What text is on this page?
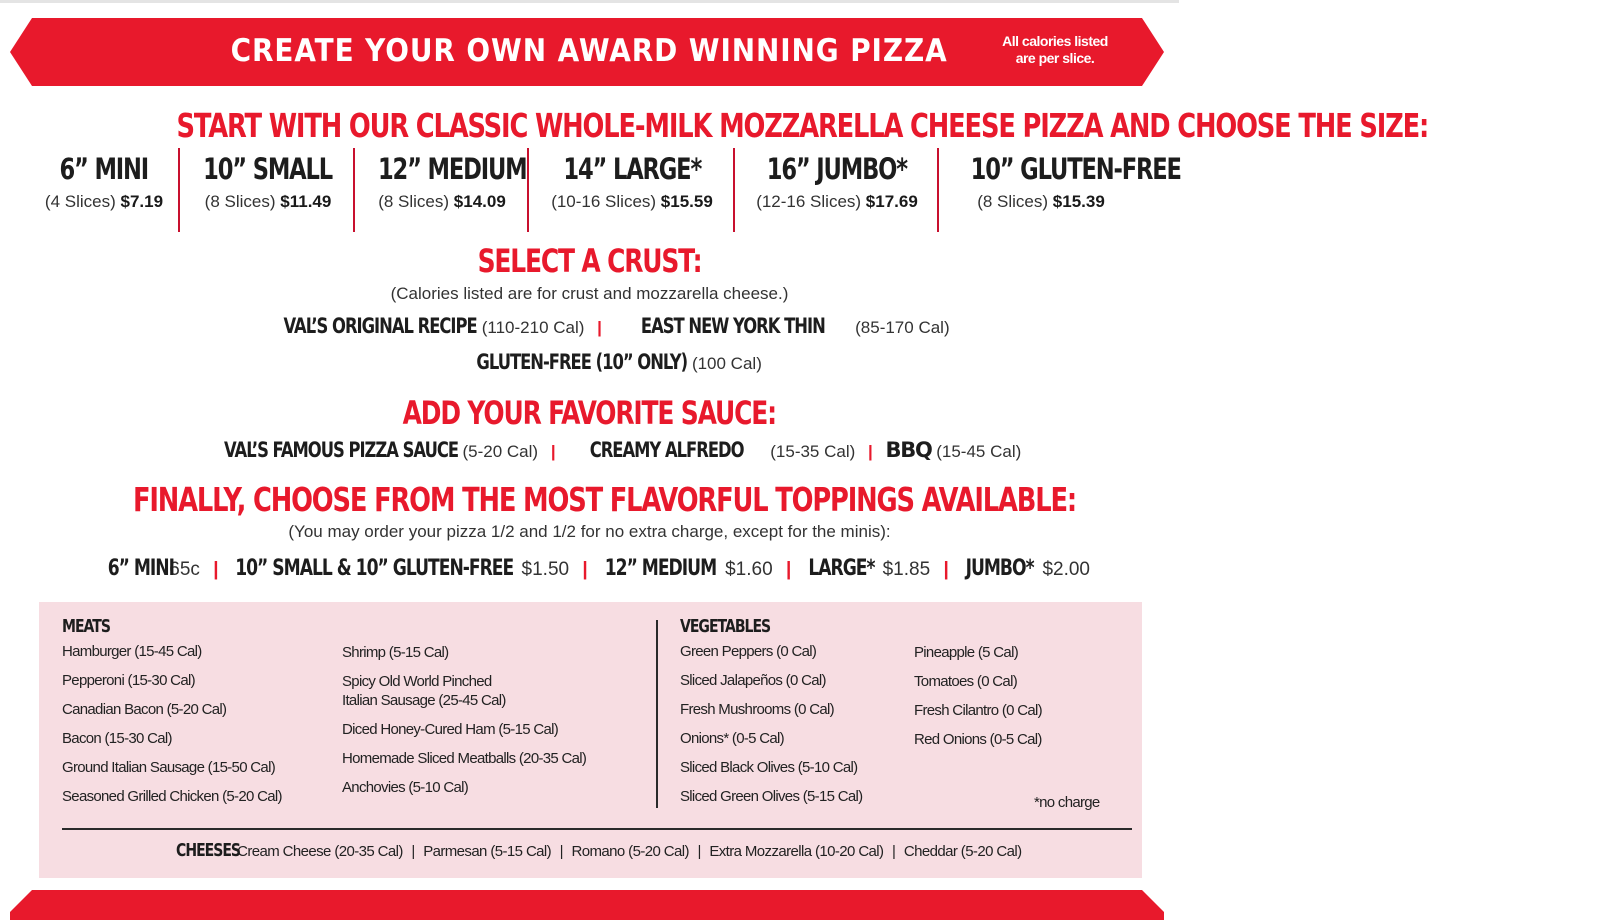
CREATE YOUR OWN AWARD WINNING PIZZA	All calories listed
are per slice.
START WITH OUR CLASSIC WHOLE-MILK MOZZARELLA CHEESE PIZZA AND CHOOSE THE SIZE:
6” MINI
(4 Slices) $7.19
10” SMALL
(8 Slices) $11.49
12” MEDIUM
(8 Slices) $14.09
14” LARGE*
(10-16 Slices) $15.59
16” JUMBO*
(12-16 Slices) $17.69
10” GLUTEN-FREE
(8 Slices) $15.39
SELECT A CRUST:
(Calories listed are for crust and mozzarella cheese.)
VAL’S ORIGINAL RECIPE (110-210 Cal) | EAST NEW YORK THIN (85-170 Cal)
GLUTEN-FREE (10” ONLY) (100 Cal)
ADD YOUR FAVORITE SAUCE:
VAL’S FAMOUS PIZZA SAUCE (5-20 Cal) | CREAMY ALFREDO (15-35 Cal) | BBQ (15-45 Cal)
FINALLY, CHOOSE FROM THE MOST FLAVORFUL TOPPINGS AVAILABLE:
(You may order your pizza 1/2 and 1/2 for no extra charge, except for the minis):
6” MINI 65c | 10” SMALL & 10” GLUTEN-FREE $1.50 | 12” MEDIUM $1.60 | LARGE* $1.85 | JUMBO* $2.00
MEATS
Hamburger (15-45 Cal)
Pepperoni (15-30 Cal)
Canadian Bacon (5-20 Cal)
Bacon (15-30 Cal)
Ground Italian Sausage (15-50 Cal)
Seasoned Grilled Chicken (5-20 Cal)
Shrimp (5-15 Cal)
Spicy Old World Pinched
Italian Sausage (25-45 Cal)
Diced Honey-Cured Ham (5-15 Cal)
Homemade Sliced Meatballs (20-35 Cal)
Anchovies (5-10 Cal)
VEGETABLES
Green Peppers (0 Cal)
Sliced Jalapeños (0 Cal)
Fresh Mushrooms (0 Cal)
Onions* (0-5 Cal)
Sliced Black Olives (5-10 Cal)
Sliced Green Olives (5-15 Cal)
Pineapple (5 Cal)
Tomatoes (0 Cal)
Fresh Cilantro (0 Cal)
Red Onions (0-5 Cal)
*no charge
CHEESES Cream Cheese (20-35 Cal) | Parmesan (5-15 Cal) | Romano (5-20 Cal) | Extra Mozzarella (10-20 Cal) | Cheddar (5-20 Cal)
